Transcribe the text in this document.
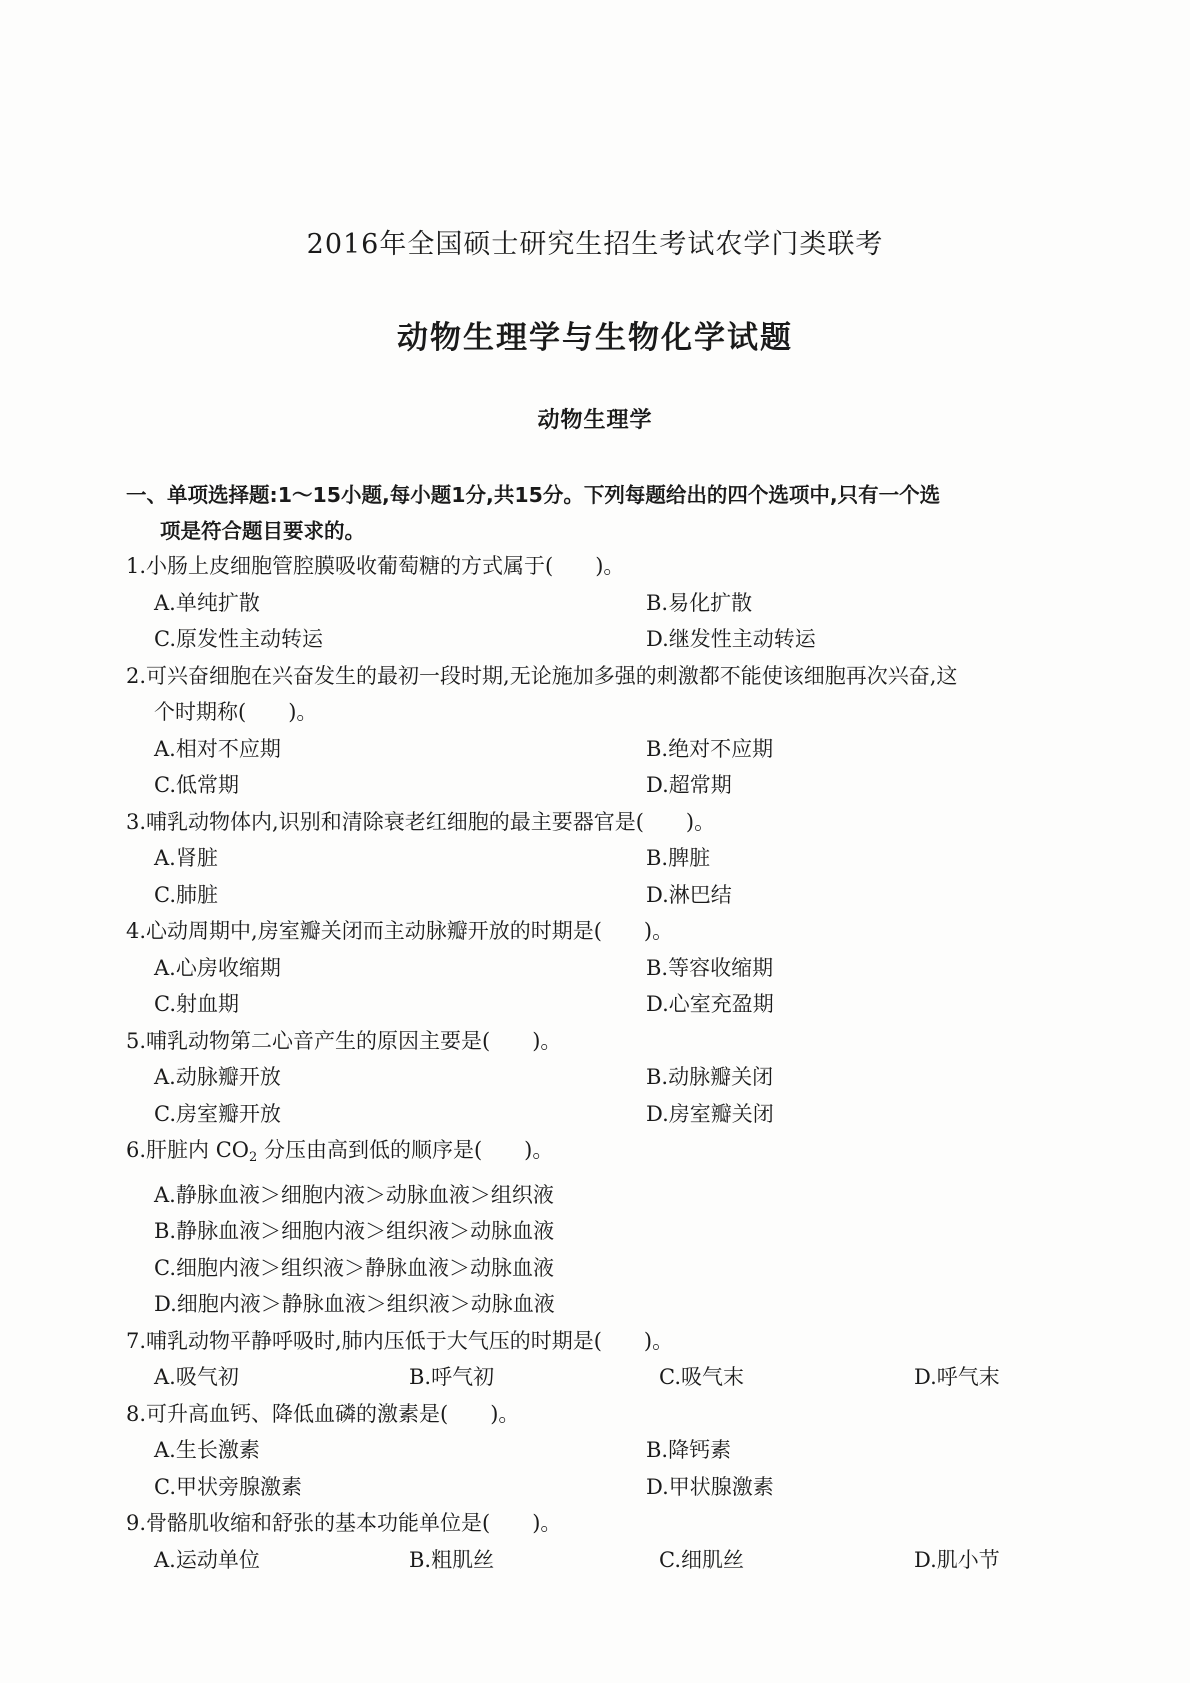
2016年全国硕士研究生招生考试农学门类联考
动物生理学与生物化学试题
动物生理学
一、单项选择题:1～15小题,每小题1分,共15分。下列每题给出的四个选项中,只有一个选
项是符合题目要求的。
1.小肠上皮细胞管腔膜吸收葡萄糖的方式属于(　　)。
A.单纯扩散	B.易化扩散
C.原发性主动转运	D.继发性主动转运
2.可兴奋细胞在兴奋发生的最初一段时期,无论施加多强的刺激都不能使该细胞再次兴奋,这
个时期称(　　)。
A.相对不应期	B.绝对不应期
C.低常期	D.超常期
3.哺乳动物体内,识别和清除衰老红细胞的最主要器官是(　　)。
A.肾脏	B.脾脏
C.肺脏	D.淋巴结
4.心动周期中,房室瓣关闭而主动脉瓣开放的时期是(　　)。
A.心房收缩期	B.等容收缩期
C.射血期	D.心室充盈期
5.哺乳动物第二心音产生的原因主要是(　　)。
A.动脉瓣开放	B.动脉瓣关闭
C.房室瓣开放	D.房室瓣关闭
6.肝脏内 $CO_2$ 分压由高到低的顺序是(　　)。
A.静脉血液＞细胞内液＞动脉血液＞组织液
B.静脉血液＞细胞内液＞组织液＞动脉血液
C.细胞内液＞组织液＞静脉血液＞动脉血液
D.细胞内液＞静脉血液＞组织液＞动脉血液
7.哺乳动物平静呼吸时,肺内压低于大气压的时期是(　　)。
A.吸气初	B.呼气初	C.吸气末	D.呼气末
8.可升高血钙、降低血磷的激素是(　　)。
A.生长激素	B.降钙素
C.甲状旁腺激素	D.甲状腺激素
9.骨骼肌收缩和舒张的基本功能单位是(　　)。
A.运动单位	B.粗肌丝	C.细肌丝	D.肌小节
